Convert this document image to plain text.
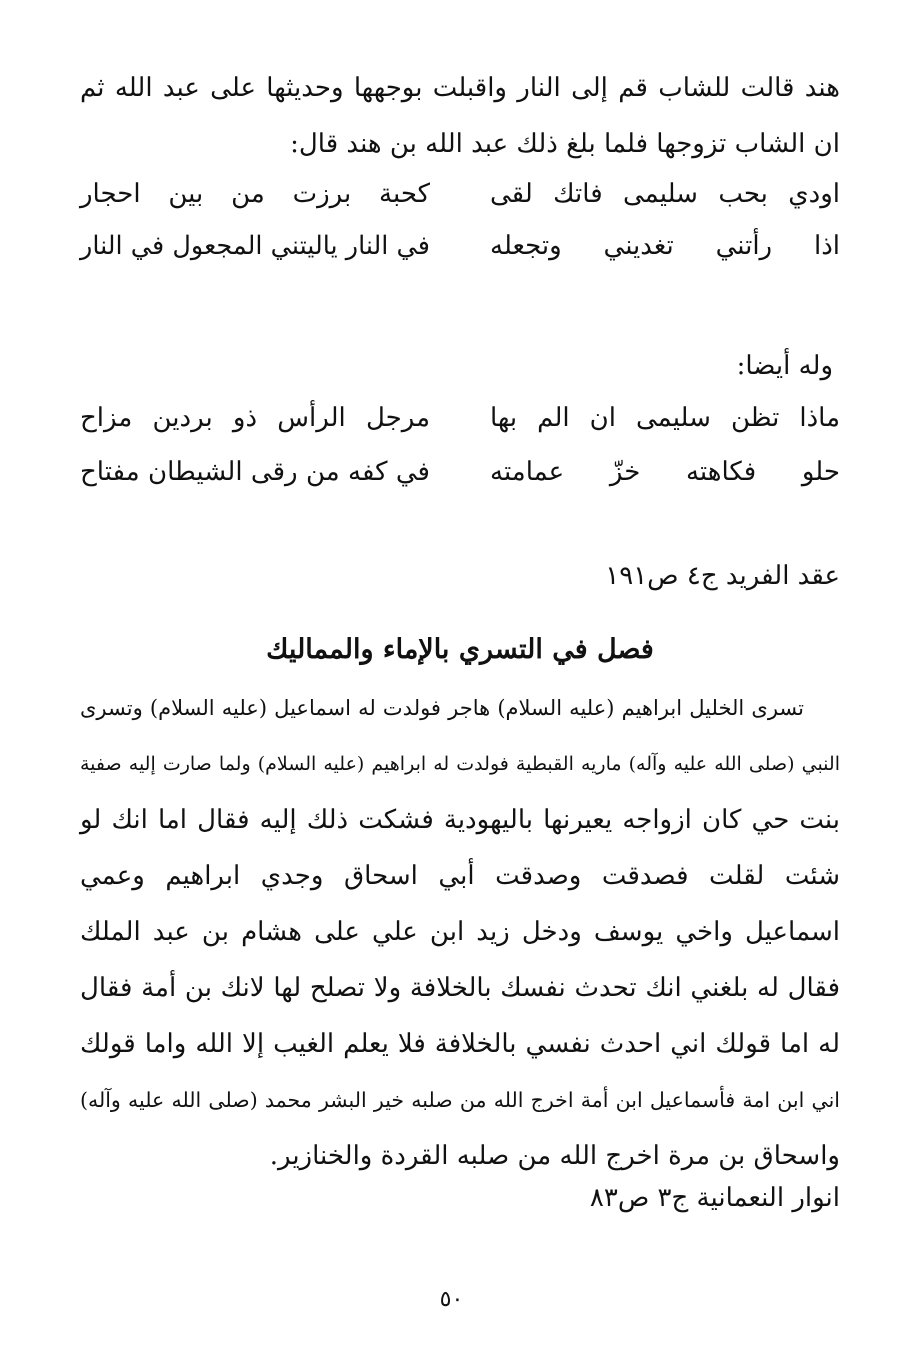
هند قالت للشاب قم إلى النار واقبلت بوجهها وحديثها على عبد الله ثم
ان الشاب تزوجها فلما بلغ ذلك عبد الله بن هند قال:
اودي بحب سليمى فاتك لقى
كحبة برزت من بين احجار
اذا رأتني تغديني وتجعله
في النار ياليتني المجعول في النار
وله أيضا:
ماذا تظن سليمى ان الم بها
مرجل الرأس ذو بردين مزاح
حلو فكاهته خزّ عمامته
في كفه من رقى الشيطان مفتاح
عقد الفريد ج٤ ص١٩١
فصل في التسري بالإماء والمماليك
تسرى الخليل ابراهيم (عليه السلام) هاجر فولدت له اسماعيل (عليه السلام) وتسرى
النبي (صلى الله عليه وآله) ماريه القبطية فولدت له ابراهيم (عليه السلام) ولما صارت إليه صفية
بنت حي كان ازواجه يعيرنها باليهودية فشكت ذلك إليه فقال اما انك لو
شئت لقلت فصدقت وصدقت أبي اسحاق وجدي ابراهيم وعمي
اسماعيل واخي يوسف ودخل زيد ابن علي على هشام بن عبد الملك
فقال له بلغني انك تحدث نفسك بالخلافة ولا تصلح لها لانك بن أمة فقال
له اما قولك اني احدث نفسي بالخلافة فلا يعلم الغيب إلا الله واما قولك
اني ابن امة فأسماعيل ابن أمة اخرج الله من صلبه خير البشر محمد (صلى الله عليه وآله)
واسحاق بن مرة اخرج الله من صلبه القردة والخنازير.
انوار النعمانية ج٣ ص٨٣
٥٠
